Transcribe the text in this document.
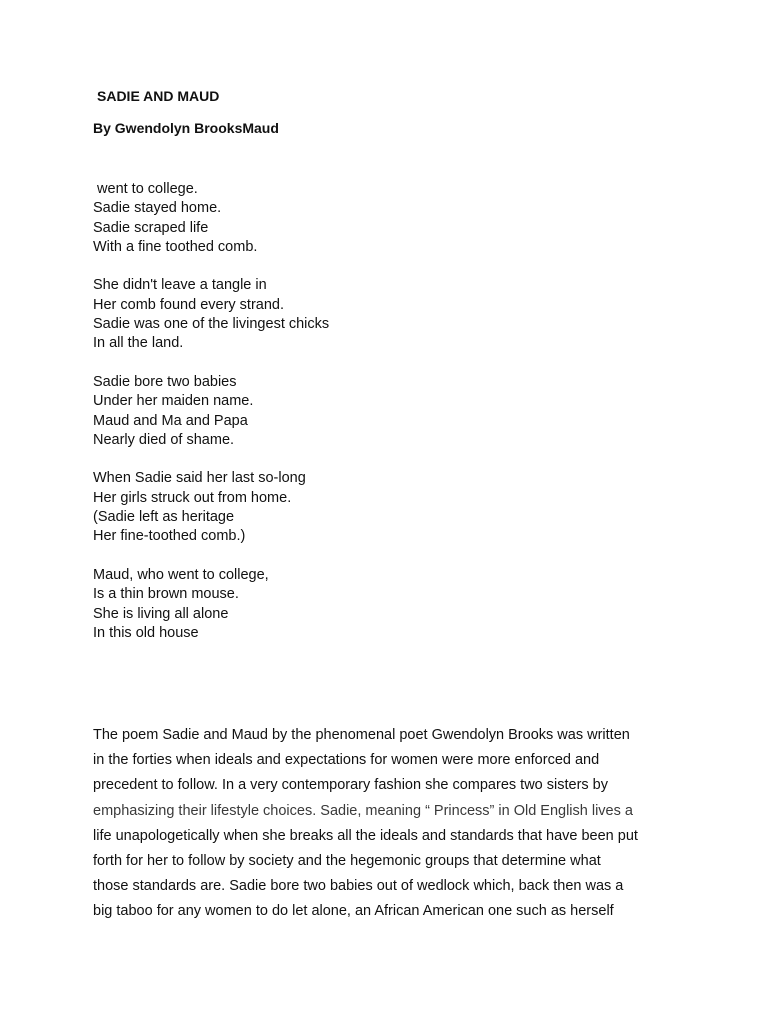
SADIE AND MAUD
By Gwendolyn BrooksMaud
went to college.
Sadie stayed home.
Sadie scraped life
With a fine toothed comb.
She didn't leave a tangle in
Her comb found every strand.
Sadie was one of the livingest chicks
In all the land.
Sadie bore two babies
Under her maiden name.
Maud and Ma and Papa
Nearly died of shame.
When Sadie said her last so-long
Her girls struck out from home.
(Sadie left as heritage
Her fine-toothed comb.)
Maud, who went to college,
Is a thin brown mouse.
She is living all alone
In this old house
The poem Sadie and Maud by the phenomenal poet Gwendolyn Brooks was written
in the forties when ideals and expectations for women were more enforced and
precedent to follow. In a very contemporary fashion she compares two sisters by
emphasizing their lifestyle choices. Sadie, meaning “ Princess” in Old English lives a
life unapologetically when she breaks all the ideals and standards that have been put
forth for her to follow by society and the hegemonic groups that determine what
those standards are. Sadie bore two babies out of wedlock which, back then was a
big taboo for any women to do let alone, an African American one such as herself
